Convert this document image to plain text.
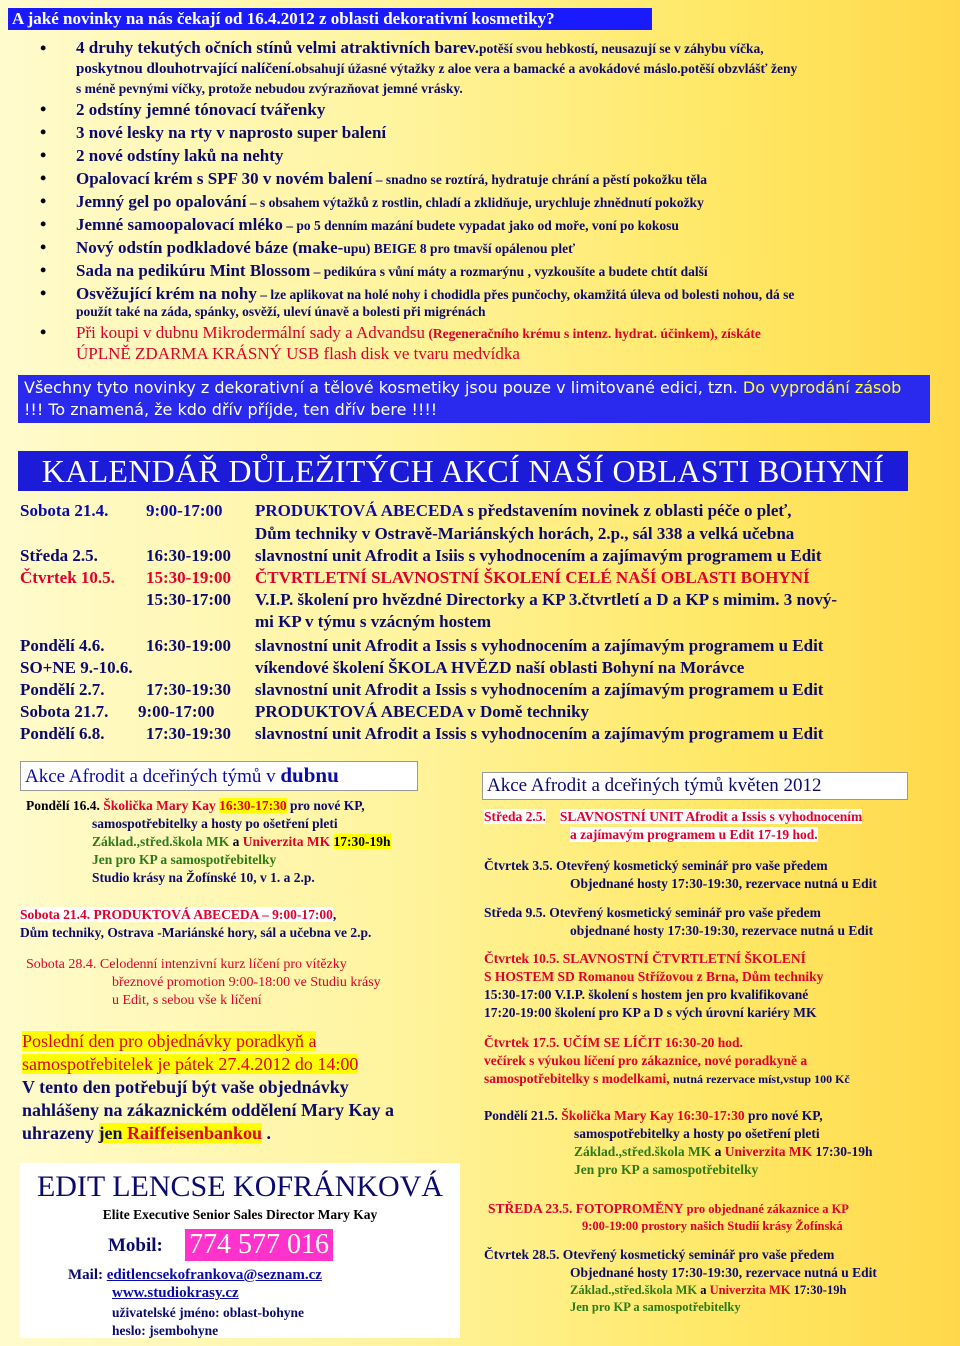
A jaké novinky na nás čekají od 16.4.2012 z oblasti dekorativní kosmetiky?
• 4 druhy tekutých očních stínů velmi atraktivních barev.potěší svou hebkostí, neusazují se v záhybu víčka,
poskytnou dlouhotrvající nalíčení.obsahují úžasné výtažky z aloe vera a bamacké a avokádové máslo.potěší obzvlášť ženy
s méně pevnými víčky, protože nebudou zvýrazňovat jemné vrásky.
• 2 odstíny jemné tónovací tvářenky
• 3 nové lesky na rty v naprosto super balení
• 2 nové odstíny laků na nehty
• Opalovací krém s SPF 30 v novém balení – snadno se roztírá, hydratuje chrání a pěstí pokožku těla
• Jemný gel po opalování – s obsahem výtažků z rostlin, chladí a zklidňuje, urychluje zhnědnutí pokožky
• Jemné samoopalovací mléko – po 5 denním mazání budete vypadat jako od moře, voní po kokosu
• Nový odstín podkladové báze (make-upu) BEIGE 8 pro tmavší opálenou pleť
• Sada na pedikúru Mint Blossom – pedikúra s vůní máty a rozmarýnu , vyzkoušíte a budete chtít další
• Osvěžující krém na nohy – lze aplikovat na holé nohy i chodidla přes punčochy, okamžitá úleva od bolesti nohou, dá se
použít také na záda, spánky, osvěží, uleví únavě a bolesti při migrénách
• Při koupi v dubnu Mikrodermální sady a Advandsu (Regeneračního krému s intenz. hydrat. účinkem), získáte
ÚPLNĚ ZDARMA KRÁSNÝ USB flash disk ve tvaru medvídka
Všechny tyto novinky z dekorativní a tělové kosmetiky jsou pouze v limitované edici, tzn. Do vyprodání zásob
!!! To znamená, že kdo dřív příjde, ten dřív bere !!!!
KALENDÁŘ DŮLEŽITÝCH AKCÍ NAŠÍ OBLASTI BOHYNÍ
Sobota 21.4. 9:00-17:00 PRODUKTOVÁ ABECEDA s představením novinek z oblasti péče o pleť,
Dům techniky v Ostravě-Mariánských horách, 2.p., sál 338 a velká učebna
Středa 2.5.	16:30-19:00 slavnostní unit Afrodit a Isiis s vyhodnocením a zajímavým programem u Edit
Čtvrtek 10.5. 15:30-19:00 ČTVRTLETNÍ SLAVNOSTNÍ ŠKOLENÍ CELÉ NAŠÍ OBLASTI BOHYNÍ
15:30-17:00 V.I.P. školení pro hvězdné Directorky a KP 3.čtvrtletí a D a KP s mimim. 3 nový-
mi KP v týmu s vzácným hostem
Pondělí 4.6. 16:30-19:00 slavnostní unit Afrodit a Issis s vyhodnocením a zajímavým programem u Edit
SO+NE 9.-10.6.	víkendové školení ŠKOLA HVĚZD naší oblasti Bohyní na Morávce
Pondělí 2.7. 17:30-19:30 slavnostní unit Afrodit a Issis s vyhodnocením a zajímavým programem u Edit
Sobota 21.7. 9:00-17:00 PRODUKTOVÁ ABECEDA v Domě techniky
Pondělí 6.8. 17:30-19:30 slavnostní unit Afrodit a Issis s vyhodnocením a zajímavým programem u Edit
Akce Afrodit a dceřiných týmů v dubnu
Pondělí 16.4. Školička Mary Kay 16:30-17:30 pro nové KP,
samospotřebitelky a hosty po ošetření pleti
Základ.,střed.škola MK a Univerzita MK 17:30-19h
Jen pro KP a samospotřebitelky
Studio krásy na Žofínské 10, v 1. a 2.p.
Sobota 21.4. PRODUKTOVÁ ABECEDA – 9:00-17:00,
Dům techniky, Ostrava -Mariánské hory, sál a učebna ve 2.p.
Sobota 28.4. Celodenní intenzivní kurz líčení pro vítězky
březnové promotion 9:00-18:00 ve Studiu krásy
u Edit, s sebou vše k líčení
Poslední den pro objednávky poradkyň a
samospotřebitelek je pátek 27.4.2012 do 14:00
V tento den potřebují být vaše objednávky
nahlášeny na zákaznickém oddělení Mary Kay a
uhrazeny jen Raiffeisenbankou .
EDIT LENCSE KOFRÁNKOVÁ
Elite Executive Senior Sales Director Mary Kay
Mobil: 774 577 016
Mail: editlencsekofrankova@seznam.cz
www.studiokrasy.cz
uživatelské jméno: oblast-bohyne
heslo: jsembohyne
Akce Afrodit a dceřiných týmů květen 2012
Středa 2.5. SLAVNOSTNÍ UNIT Afrodit a Issis s vyhodnocením
a zajímavým programem u Edit 17-19 hod.
Čtvrtek 3.5. Otevřený kosmetický seminář pro vaše předem
Objednané hosty 17:30-19:30, rezervace nutná u Edit
Středa 9.5. Otevřený kosmetický seminář pro vaše předem
objednané hosty 17:30-19:30, rezervace nutná u Edit
Čtvrtek 10.5. SLAVNOSTNÍ ČTVRTLETNÍ ŠKOLENÍ
S HOSTEM SD Romanou Střížovou z Brna, Dům techniky
15:30-17:00 V.I.P. školení s hostem jen pro kvalifikované
17:20-19:00 školení pro KP a D s vých úrovní kariéry MK
Čtvrtek 17.5. UČÍM SE LÍČIT 16:30-20 hod.
večírek s výukou líčení pro zákaznice, nové poradkyně a
samospotřebitelky s modelkami, nutná rezervace míst,vstup 100 Kč
Pondělí 21.5. Školička Mary Kay 16:30-17:30 pro nové KP,
samospotřebitelky a hosty po ošetření pleti
Základ.,střed.škola MK a Univerzita MK 17:30-19h
Jen pro KP a samospotřebitelky
STŘEDA 23.5. FOTOPROMĚNY pro objednané zákaznice a KP
9:00-19:00 prostory našich Studií krásy Žofínská
Čtvrtek 28.5. Otevřený kosmetický seminář pro vaše předem
Objednané hosty 17:30-19:30, rezervace nutná u Edit
Základ.,střed.škola MK a Univerzita MK 17:30-19h
Jen pro KP a samospotřebitelky
